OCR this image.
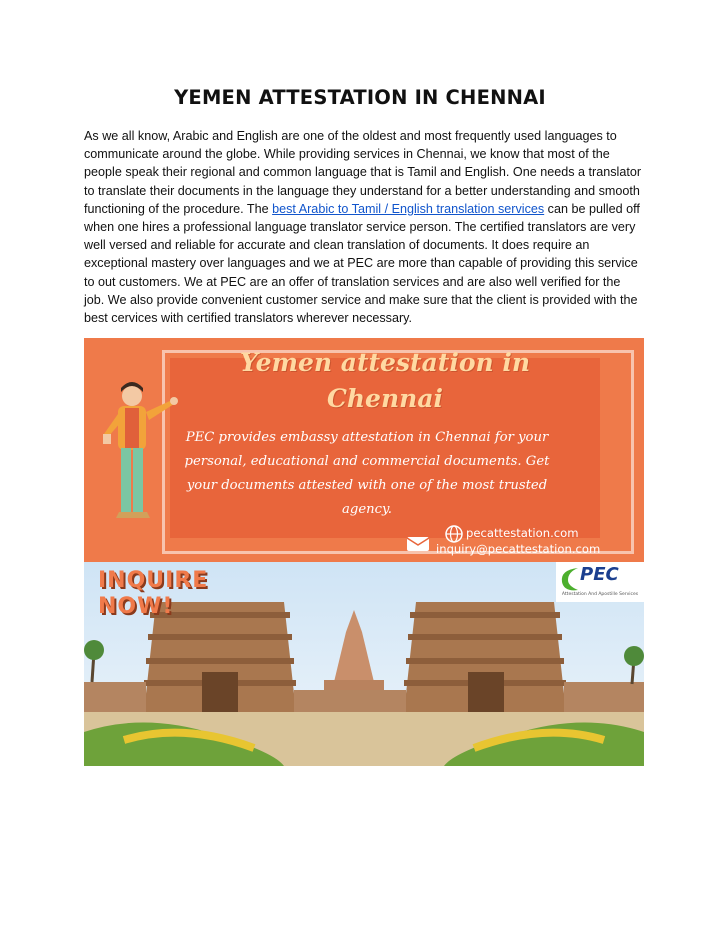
YEMEN ATTESTATION IN CHENNAI
As we all know, Arabic and English are one of the oldest and most frequently used languages to communicate around the globe. While providing services in Chennai, we know that most of the people speak their regional and common language that is Tamil and English. One needs a translator to translate their documents in the language they understand for a better understanding and smooth functioning of the procedure. The best Arabic to Tamil / English translation services can be pulled off when one hires a professional language translator service person. The certified translators are very well versed and reliable for accurate and clean translation of documents. It does require an exceptional mastery over languages and we at PEC are more than capable of providing this service to out customers. We at PEC are an offer of translation services and are also well verified for the job. We also provide convenient customer service and make sure that the client is provided with the best cervices with certified translators wherever necessary.
Yemen attestation in
Chennai
PEC provides embassy attestation in Chennai for your personal, educational and commercial documents. Get your documents attested with one of the most trusted agency.
pecattestation.com
inquiry@pecattestation.com
INQUIRE
NOW!
PEC
Attestation And Apostille Services
